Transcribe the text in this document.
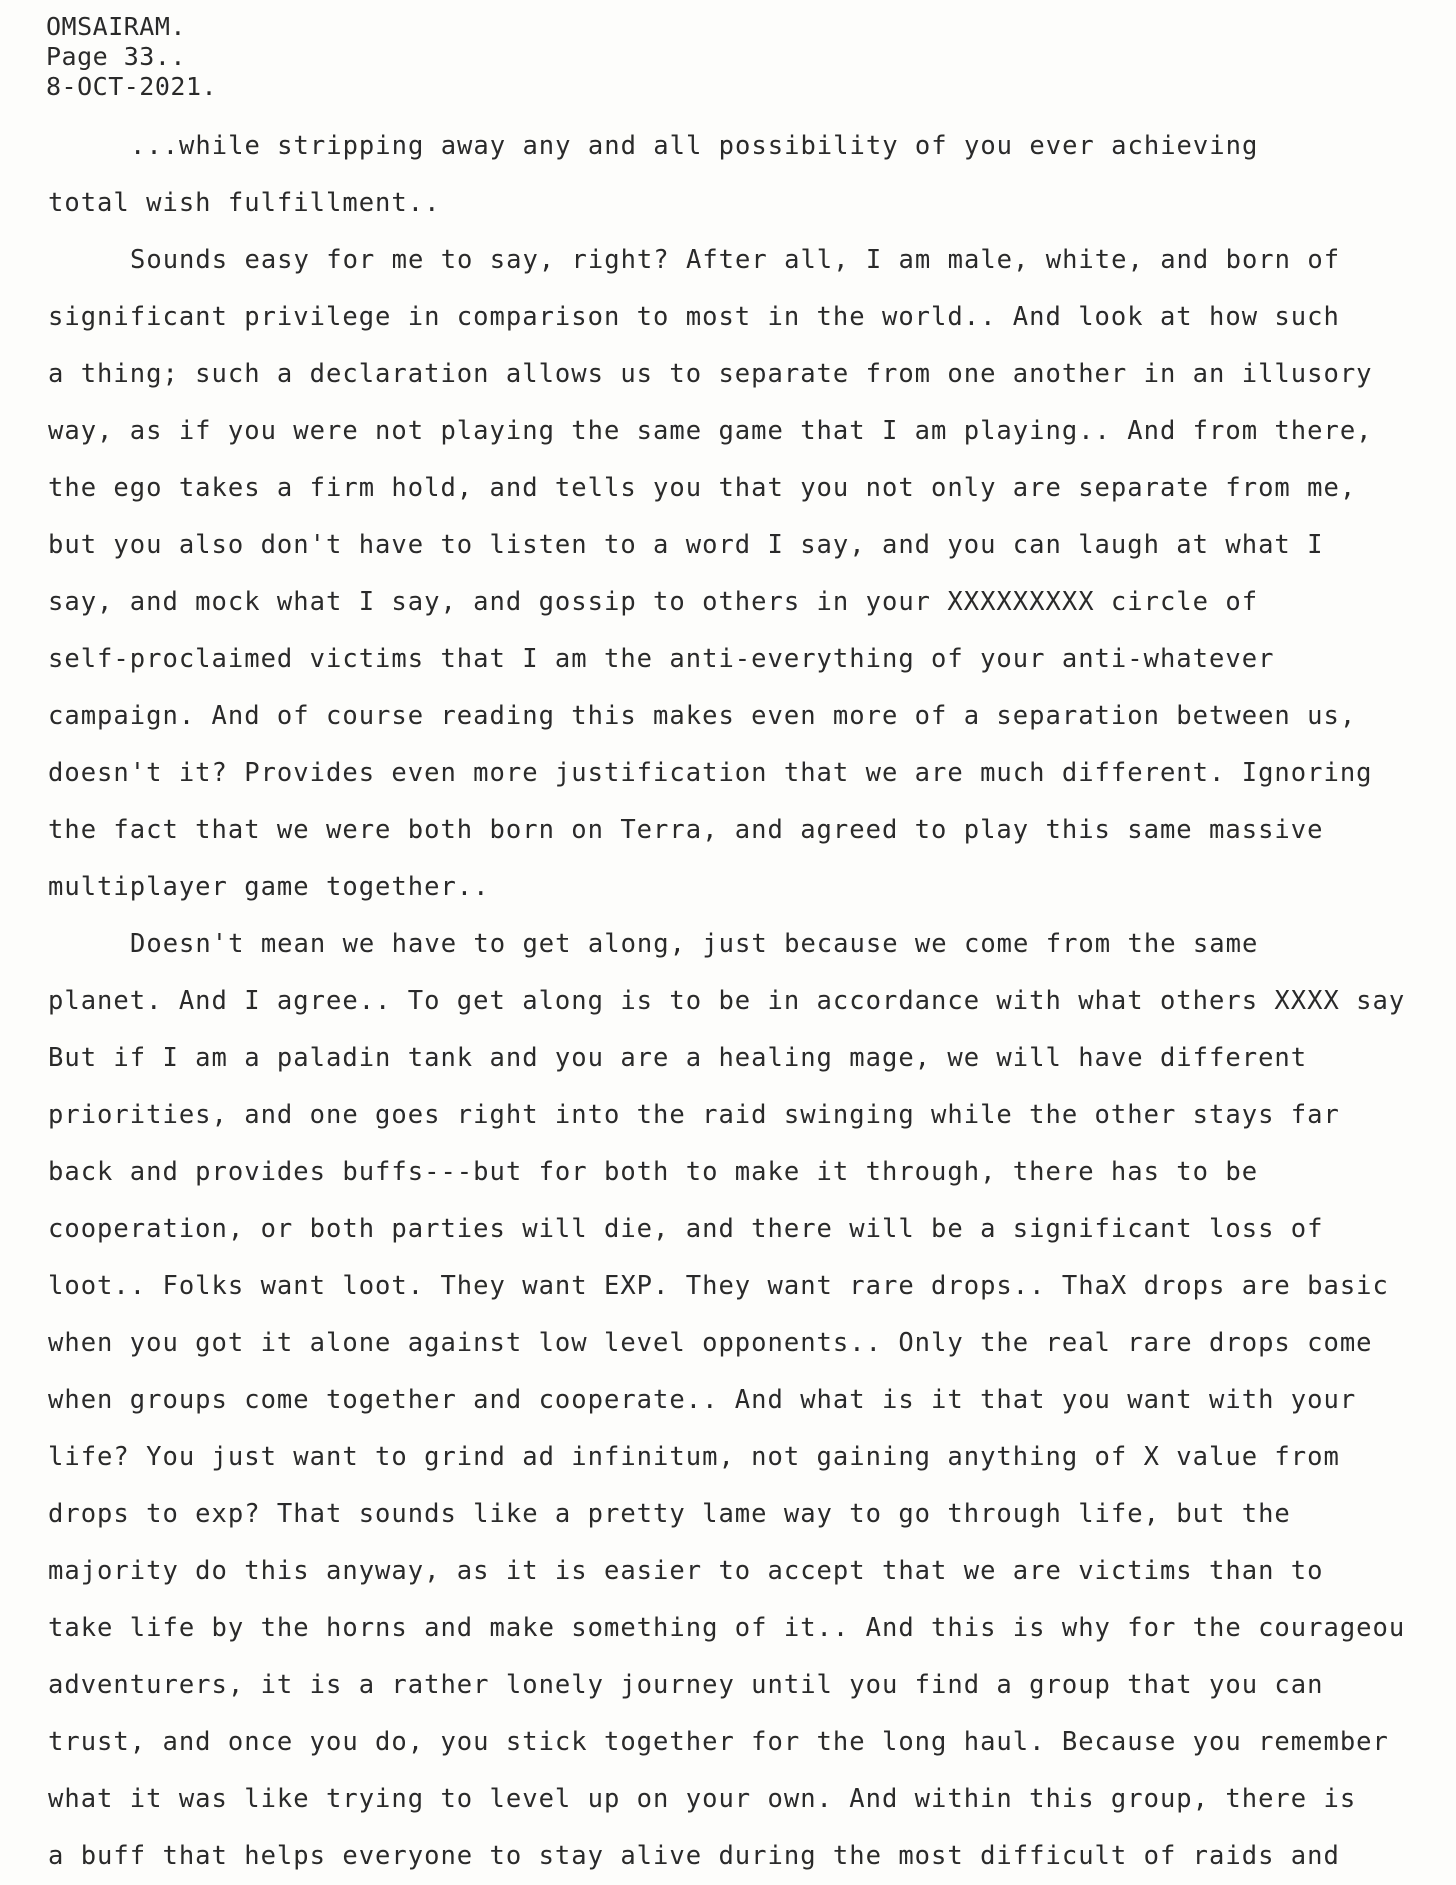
OMSAIRAM.
Page 33..
8-OCT-2021.
...while stripping away any and all possibility of you ever achieving
total wish fulfillment..
Sounds easy for me to say, right? After all, I am male, white, and born of
significant privilege in comparison to most in the world.. And look at how such
a thing; such a declaration allows us to separate from one another in an illusory
way, as if you were not playing the same game that I am playing.. And from there,
the ego takes a firm hold, and tells you that you not only are separate from me,
but you also don't have to listen to a word I say, and you can laugh at what I
say, and mock what I say, and gossip to others in your XXXXXXXXX circle of
self-proclaimed victims that I am the anti-everything of your anti-whatever
campaign. And of course reading this makes even more of a separation between us,
doesn't it? Provides even more justification that we are much different. Ignoring
the fact that we were both born on Terra, and agreed to play this same massive
multiplayer game together..
Doesn't mean we have to get along, just because we come from the same
planet. And I agree.. To get along is to be in accordance with what others XXXX say
But if I am a paladin tank and you are a healing mage, we will have different
priorities, and one goes right into the raid swinging while the other stays far
back and provides buffs---but for both to make it through, there has to be
cooperation, or both parties will die, and there will be a significant loss of
loot.. Folks want loot. They want EXP. They want rare drops.. ThaX drops are basic
when you got it alone against low level opponents.. Only the real rare drops come
when groups come together and cooperate.. And what is it that you want with your
life? You just want to grind ad infinitum, not gaining anything of X value from
drops to exp? That sounds like a pretty lame way to go through life, but the
majority do this anyway, as it is easier to accept that we are victims than to
take life by the horns and make something of it.. And this is why for the courageou
adventurers, it is a rather lonely journey until you find a group that you can
trust, and once you do, you stick together for the long haul. Because you remember
what it was like trying to level up on your own. And within this group, there is
a buff that helps everyone to stay alive during the most difficult of raids and
